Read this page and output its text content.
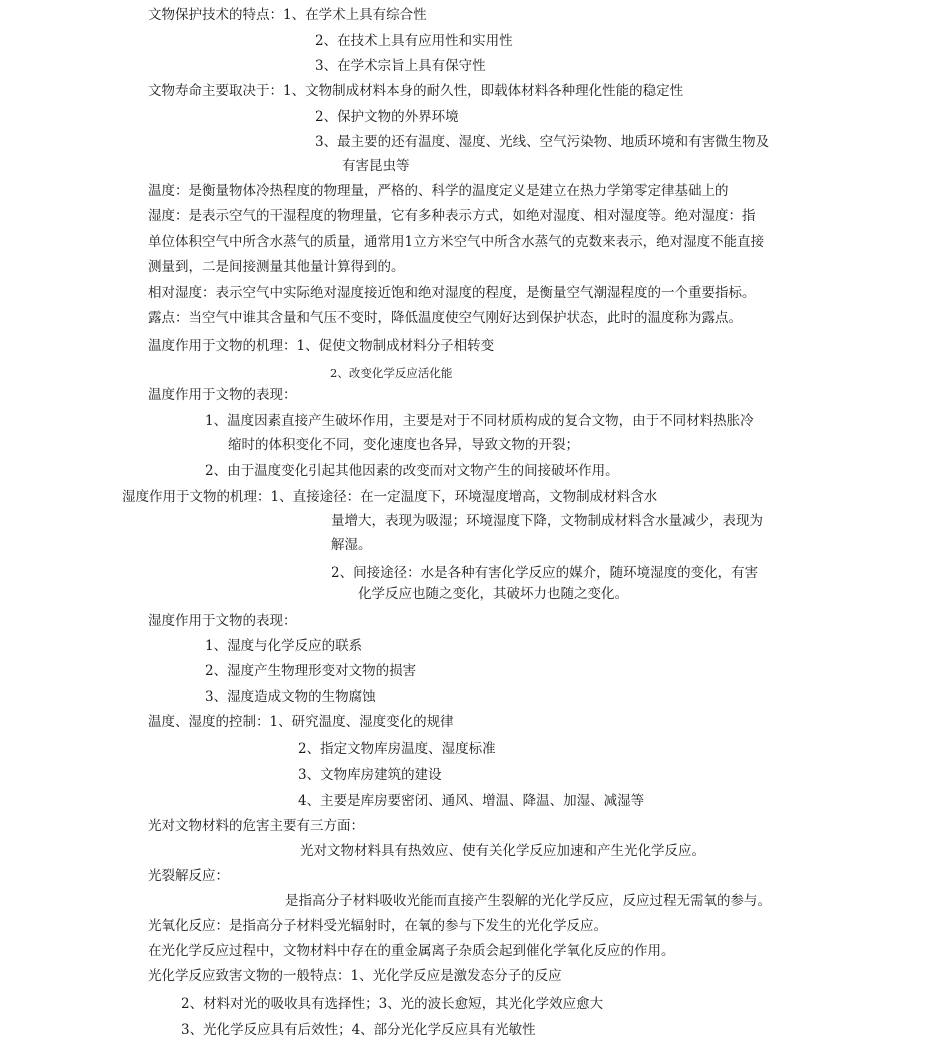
文物保护技术的特点：1、在学术上具有综合性
2、在技术上具有应用性和实用性
3、在学术宗旨上具有保守性
文物寿命主要取决于：1、文物制成材料本身的耐久性，即载体材料各种理化性能的稳定性
2、保护文物的外界环境
3、最主要的还有温度、湿度、光线、空气污染物、地质环境和有害微生物及
有害昆虫等
温度：是衡量物体冷热程度的物理量，严格的、科学的温度定义是建立在热力学第零定律基础上的
湿度：是表示空气的干湿程度的物理量，它有多种表示方式，如绝对湿度、相对湿度等。绝对湿度：指
单位体积空气中所含水蒸气的质量，通常用1立方米空气中所含水蒸气的克数来表示，绝对湿度不能直接
测量到，二是间接测量其他量计算得到的。
相对湿度：表示空气中实际绝对湿度接近饱和绝对湿度的程度，是衡量空气潮湿程度的一个重要指标。
露点：当空气中谁其含量和气压不变时，降低温度使空气刚好达到保护状态，此时的温度称为露点。
温度作用于文物的机理：1、促使文物制成材料分子相转变
2、改变化学反应活化能
温度作用于文物的表现：
1、温度因素直接产生破坏作用，主要是对于不同材质构成的复合文物，由于不同材料热胀冷
缩时的体积变化不同，变化速度也各异，导致文物的开裂；
2、由于温度变化引起其他因素的改变而对文物产生的间接破坏作用。
湿度作用于文物的机理：1、直接途径：在一定温度下，环境湿度增高，文物制成材料含水
量增大，表现为吸湿；环境湿度下降，文物制成材料含水量减少，表现为
解湿。
2、间接途径：水是各种有害化学反应的媒介，随环境湿度的变化，有害
化学反应也随之变化，其破坏力也随之变化。
湿度作用于文物的表现：
1、湿度与化学反应的联系
2、湿度产生物理形变对文物的损害
3、湿度造成文物的生物腐蚀
温度、湿度的控制：1、研究温度、湿度变化的规律
2、指定文物库房温度、湿度标准
3、文物库房建筑的建设
4、主要是库房要密闭、通风、增温、降温、加湿、减湿等
光对文物材料的危害主要有三方面：
光对文物材料具有热效应、使有关化学反应加速和产生光化学反应。
光裂解反应：
是指高分子材料吸收光能而直接产生裂解的光化学反应，反应过程无需氧的参与。
光氧化反应：是指高分子材料受光辐射时，在氧的参与下发生的光化学反应。
在光化学反应过程中，文物材料中存在的重金属离子杂质会起到催化学氧化反应的作用。
光化学反应致害文物的一般特点：1、光化学反应是激发态分子的反应
2、材料对光的吸收具有选择性；3、光的波长愈短，其光化学效应愈大
3、光化学反应具有后效性；4、部分光化学反应具有光敏性
